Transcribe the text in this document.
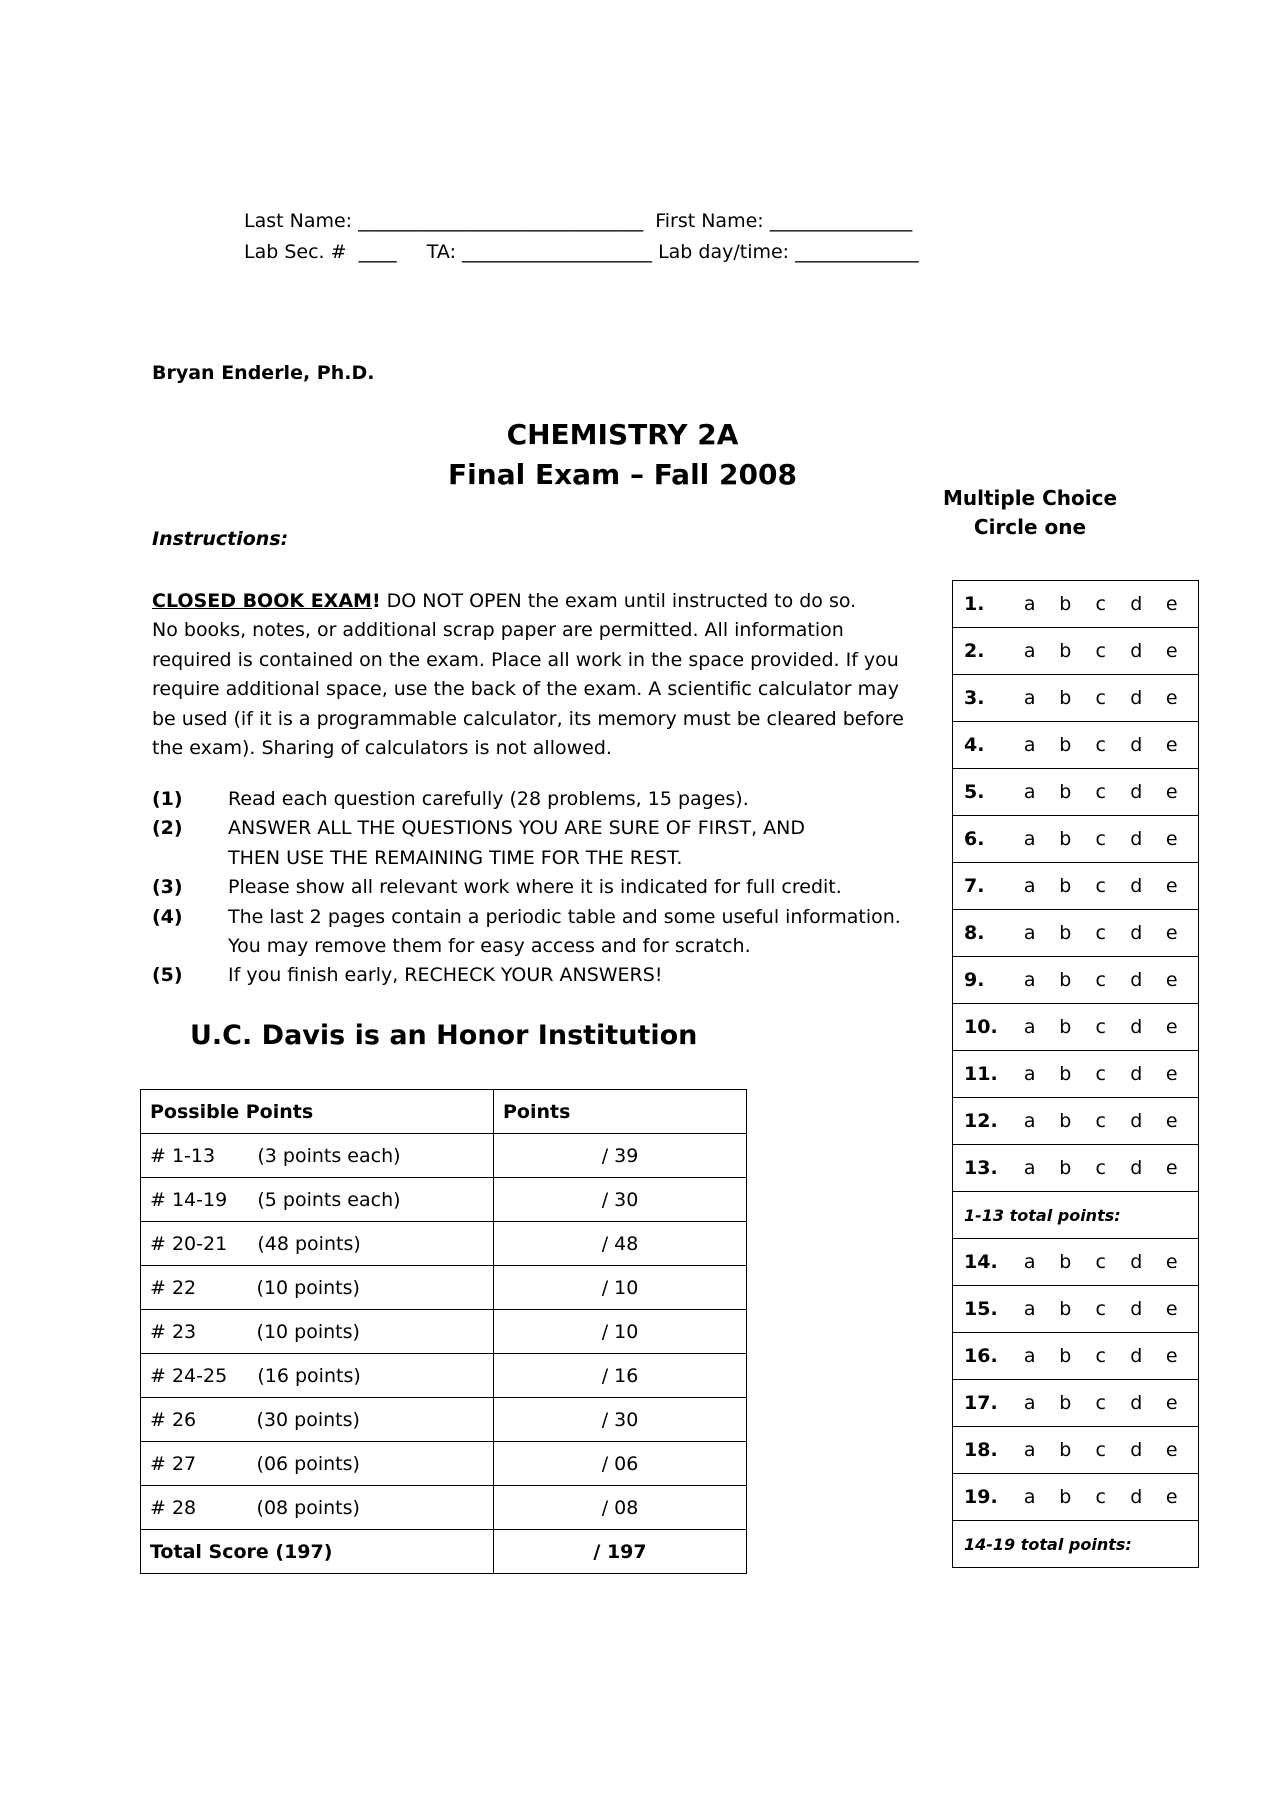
Last Name: ______________________________  First Name: _______________
Lab Sec. #  ____     TA: ____________________ Lab day/time: _____________
Bryan Enderle, Ph.D.
CHEMISTRY 2A
Final Exam – Fall 2008
Multiple Choice
Circle one
Instructions:
CLOSED BOOK EXAM ! DO NOT OPEN the exam until instructed to do so.
No books, notes, or additional scrap paper are permitted. All information
required is contained on the exam. Place all work in the space provided. If you
require additional space, use the back of the exam. A scientific calculator may
be used (if it is a programmable calculator, its memory must be cleared before
the exam). Sharing of calculators is not allowed.
(1)	Read each question carefully (28 problems, 15 pages).
(2)	ANSWER ALL THE QUESTIONS YOU ARE SURE OF FIRST, AND
THEN USE THE REMAINING TIME FOR THE REST.
(3)	Please show all relevant work where it is indicated for full credit.
(4)	The last 2 pages contain a periodic table and some useful information.
You may remove them for easy access and for scratch.
(5)	If you finish early, RECHECK YOUR ANSWERS!
U.C. Davis is an Honor Institution
Possible Points	Points
# 1-13       (3 points each)	/ 39
# 14-19     (5 points each)	/ 30
# 20-21     (48 points)	/ 48
# 22          (10 points)	/ 10
# 23          (10 points)	/ 10
# 24-25     (16 points)	/ 16
# 26          (30 points)	/ 30
# 27          (06 points)	/ 06
# 28          (08 points)	/ 08
Total Score (197)	/ 197
1.	a	b	c	d	e

2.	a	b	c	d	e

3.	a	b	c	d	e

4.	a	b	c	d	e

5.	a	b	c	d	e

6.	a	b	c	d	e

7.	a	b	c	d	e

8.	a	b	c	d	e

9.	a	b	c	d	e

10.	a	b	c	d	e

11.	a	b	c	d	e

12.	a	b	c	d	e

13.	a	b	c	d	e

1-13 total points:

14.	a	b	c	d	e

15.	a	b	c	d	e

16.	a	b	c	d	e

17.	a	b	c	d	e

18.	a	b	c	d	e

19.	a	b	c	d	e

14-19 total points:
